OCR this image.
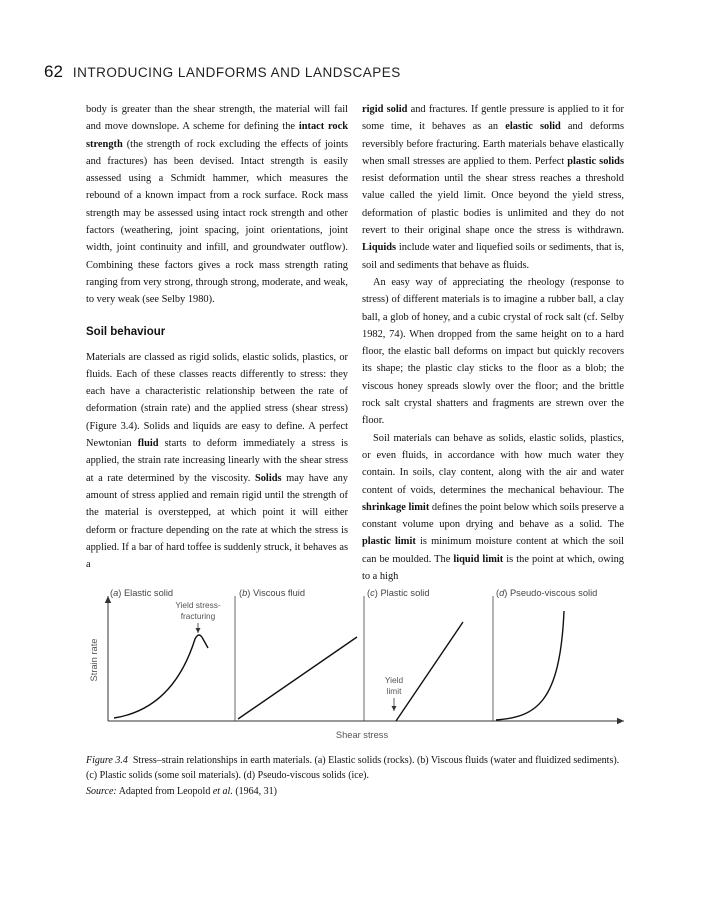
62 INTRODUCING LANDFORMS AND LANDSCAPES

body is greater than the shear strength, the material will fail and move downslope. A scheme for defining the intact rock strength (the strength of rock excluding the effects of joints and fractures) has been devised. Intact strength is easily assessed using a Schmidt hammer, which measures the rebound of a known impact from a rock surface. Rock mass strength may be assessed using intact rock strength and other factors (weathering, joint spacing, joint orientations, joint width, joint continuity and infill, and groundwater outflow). Combining these factors gives a rock mass strength rating ranging from very strong, through strong, moderate, and weak, to very weak (see Selby 1980).

Soil behaviour

Materials are classed as rigid solids, elastic solids, plastics, or fluids. Each of these classes reacts differently to stress: they each have a characteristic relationship between the rate of deformation (strain rate) and the applied stress (shear stress) (Figure 3.4). Solids and liquids are easy to define. A perfect Newtonian fluid starts to deform immediately a stress is applied, the strain rate increasing linearly with the shear stress at a rate determined by the viscosity. Solids may have any amount of stress applied and remain rigid until the strength of the material is overstepped, at which point it will either deform or fracture depending on the rate at which the stress is applied. If a bar of hard toffee is suddenly struck, it behaves as a

rigid solid and fractures. If gentle pressure is applied to it for some time, it behaves as an elastic solid and deforms reversibly before fracturing. Earth materials behave elastically when small stresses are applied to them. Perfect plastic solids resist deformation until the shear stress reaches a threshold value called the yield limit. Once beyond the yield stress, deformation of plastic bodies is unlimited and they do not revert to their original shape once the stress is withdrawn. Liquids include water and liquefied soils or sediments, that is, soil and sediments that behave as fluids.

An easy way of appreciating the rheology (response to stress) of different materials is to imagine a rubber ball, a clay ball, a glob of honey, and a cubic crystal of rock salt (cf. Selby 1982, 74). When dropped from the same height on to a hard floor, the elastic ball deforms on impact but quickly recovers its shape; the plastic clay sticks to the floor as a blob; the viscous honey spreads slowly over the floor; and the brittle rock salt crystal shatters and fragments are strewn over the floor.

Soil materials can behave as solids, elastic solids, plastics, or even fluids, in accordance with how much water they contain. In soils, clay content, along with the air and water content of voids, determines the mechanical behaviour. The shrinkage limit defines the point below which soils preserve a constant volume upon drying and behave as a solid. The plastic limit is minimum moisture content at which the soil can be moulded. The liquid limit is the point at which, owing to a high

(a) Elastic solid	(b) Viscous fluid	(c) Plastic solid	(d) Pseudo-viscous solid
Yield stress-
fracturing
Yield
limit
Strain rate
Shear stress
Figure 3.4 Stress–strain relationships in earth materials. (a) Elastic solids (rocks). (b) Viscous fluids (water and fluidized sediments). (c) Plastic solids (some soil materials). (d) Pseudo-viscous solids (ice).
Source: Adapted from Leopold et al. (1964, 31)
